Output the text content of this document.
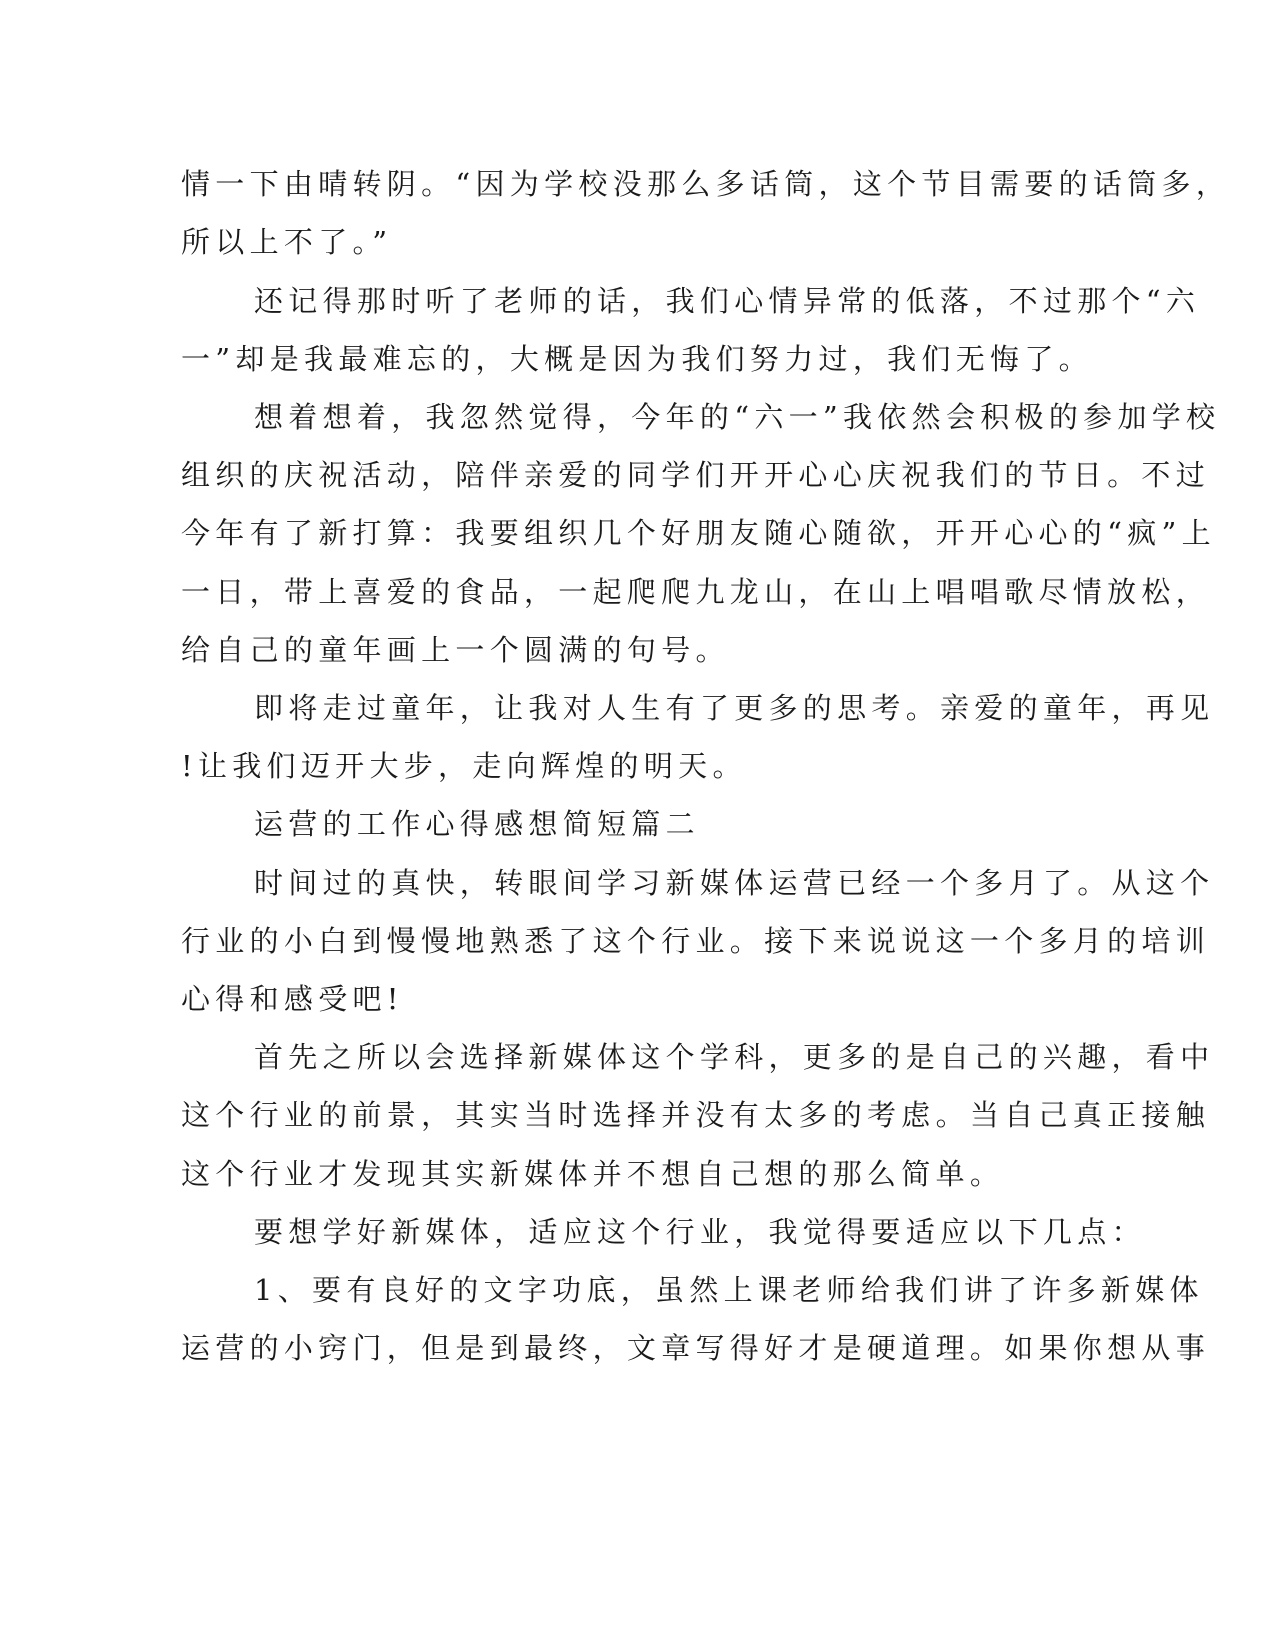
情一下由晴转阴。“因为学校没那么多话筒，这个节目需要的话筒多，
所以上不了。”
还记得那时听了老师的话，我们心情异常的低落，不过那个“六
一”却是我最难忘的，大概是因为我们努力过，我们无悔了。
想着想着，我忽然觉得，今年的“六一”我依然会积极的参加学校
组织的庆祝活动，陪伴亲爱的同学们开开心心庆祝我们的节日。不过
今年有了新打算：我要组织几个好朋友随心随欲，开开心心的“疯”上
一日，带上喜爱的食品，一起爬爬九龙山，在山上唱唱歌尽情放松，
给自己的童年画上一个圆满的句号。
即将走过童年，让我对人生有了更多的思考。亲爱的童年，再见
!让我们迈开大步，走向辉煌的明天。
运营的工作心得感想简短篇二
时间过的真快，转眼间学习新媒体运营已经一个多月了。从这个
行业的小白到慢慢地熟悉了这个行业。接下来说说这一个多月的培训
心得和感受吧!
首先之所以会选择新媒体这个学科，更多的是自己的兴趣，看中
这个行业的前景，其实当时选择并没有太多的考虑。当自己真正接触
这个行业才发现其实新媒体并不想自己想的那么简单。
要想学好新媒体，适应这个行业，我觉得要适应以下几点：
1、要有良好的文字功底，虽然上课老师给我们讲了许多新媒体
运营的小窍门，但是到最终，文章写得好才是硬道理。如果你想从事
